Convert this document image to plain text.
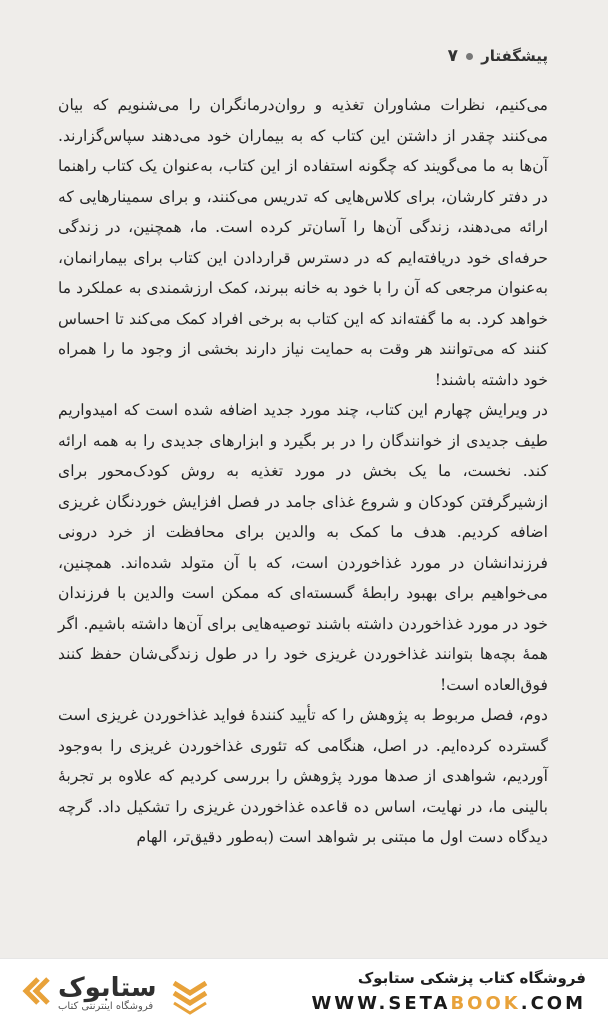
پیشگفتار
۷

می‌کنیم، نظرات مشاوران تغذیه و روان‌درمانگران را می‌شنویم که بیان می‌کنند چقدر از داشتن این کتاب که به بیماران خود می‌دهند سپاس‌گزارند. آن‌ها به ما می‌گویند که چگونه استفاده از این کتاب، به‌عنوان یک کتاب راهنما در دفتر کارشان، برای کلاس‌هایی که تدریس می‌کنند، و برای سمینارهایی که ارائه می‌دهند، زندگی آن‌ها را آسان‌تر کرده است. ما، همچنین، در زندگی حرفه‌ای خود دریافته‌ایم که در دسترس قراردادن این کتاب برای بیمارانمان، به‌عنوان مرجعی که آن را با خود به خانه ببرند، کمک ارزشمندی به عملکرد ما خواهد کرد. به ما گفته‌اند که این کتاب به برخی افراد کمک می‌کند تا احساس کنند که می‌توانند هر وقت به حمایت نیاز دارند بخشی از وجود ما را همراه خود داشته باشند!

در ویرایش چهارم این کتاب، چند مورد جدید اضافه شده است که امیدواریم طیف جدیدی از خوانندگان را در بر بگیرد و ابزارهای جدیدی را به همه ارائه کند. نخست، ما یک بخش در مورد تغذیه به روش کودک‌محور برای ازشیرگرفتن کودکان و شروع غذای جامد در فصل افزایش خوردنگان غریزی اضافه کردیم. هدف ما کمک به والدین برای محافظت از خرد درونی فرزندانشان در مورد غذاخوردن است، که با آن متولد شده‌اند. همچنین، می‌خواهیم برای بهبود رابطهٔ گسسته‌ای که ممکن است والدین با فرزندان خود در مورد غذاخوردن داشته باشند توصیه‌هایی برای آن‌ها داشته باشیم. اگر همهٔ بچه‌ها بتوانند غذاخوردن غریزی خود را در طول زندگی‌شان حفظ کنند فوق‌العاده است!

دوم، فصل مربوط به پژوهش را که تأیید کنندهٔ فواید غذاخوردن غریزی است گسترده کرده‌ایم. در اصل، هنگامی که تئوری غذاخوردن غریزی را به‌وجود آوردیم، شواهدی از صدها مورد پژوهش را بررسی کردیم که علاوه بر تجربهٔ بالینی ما، در نهایت، اساس ده قاعده غذاخوردن غریزی را تشکیل داد. گرچه دیدگاه دست اول ما مبتنی بر شواهد است (به‌طور دقیق‌تر، الهام

ستابوک
فروشگاه اینترنتی کتاب
فروشگاه کتاب پزشکی ستابوک
WWW.SETABOOK.COM
